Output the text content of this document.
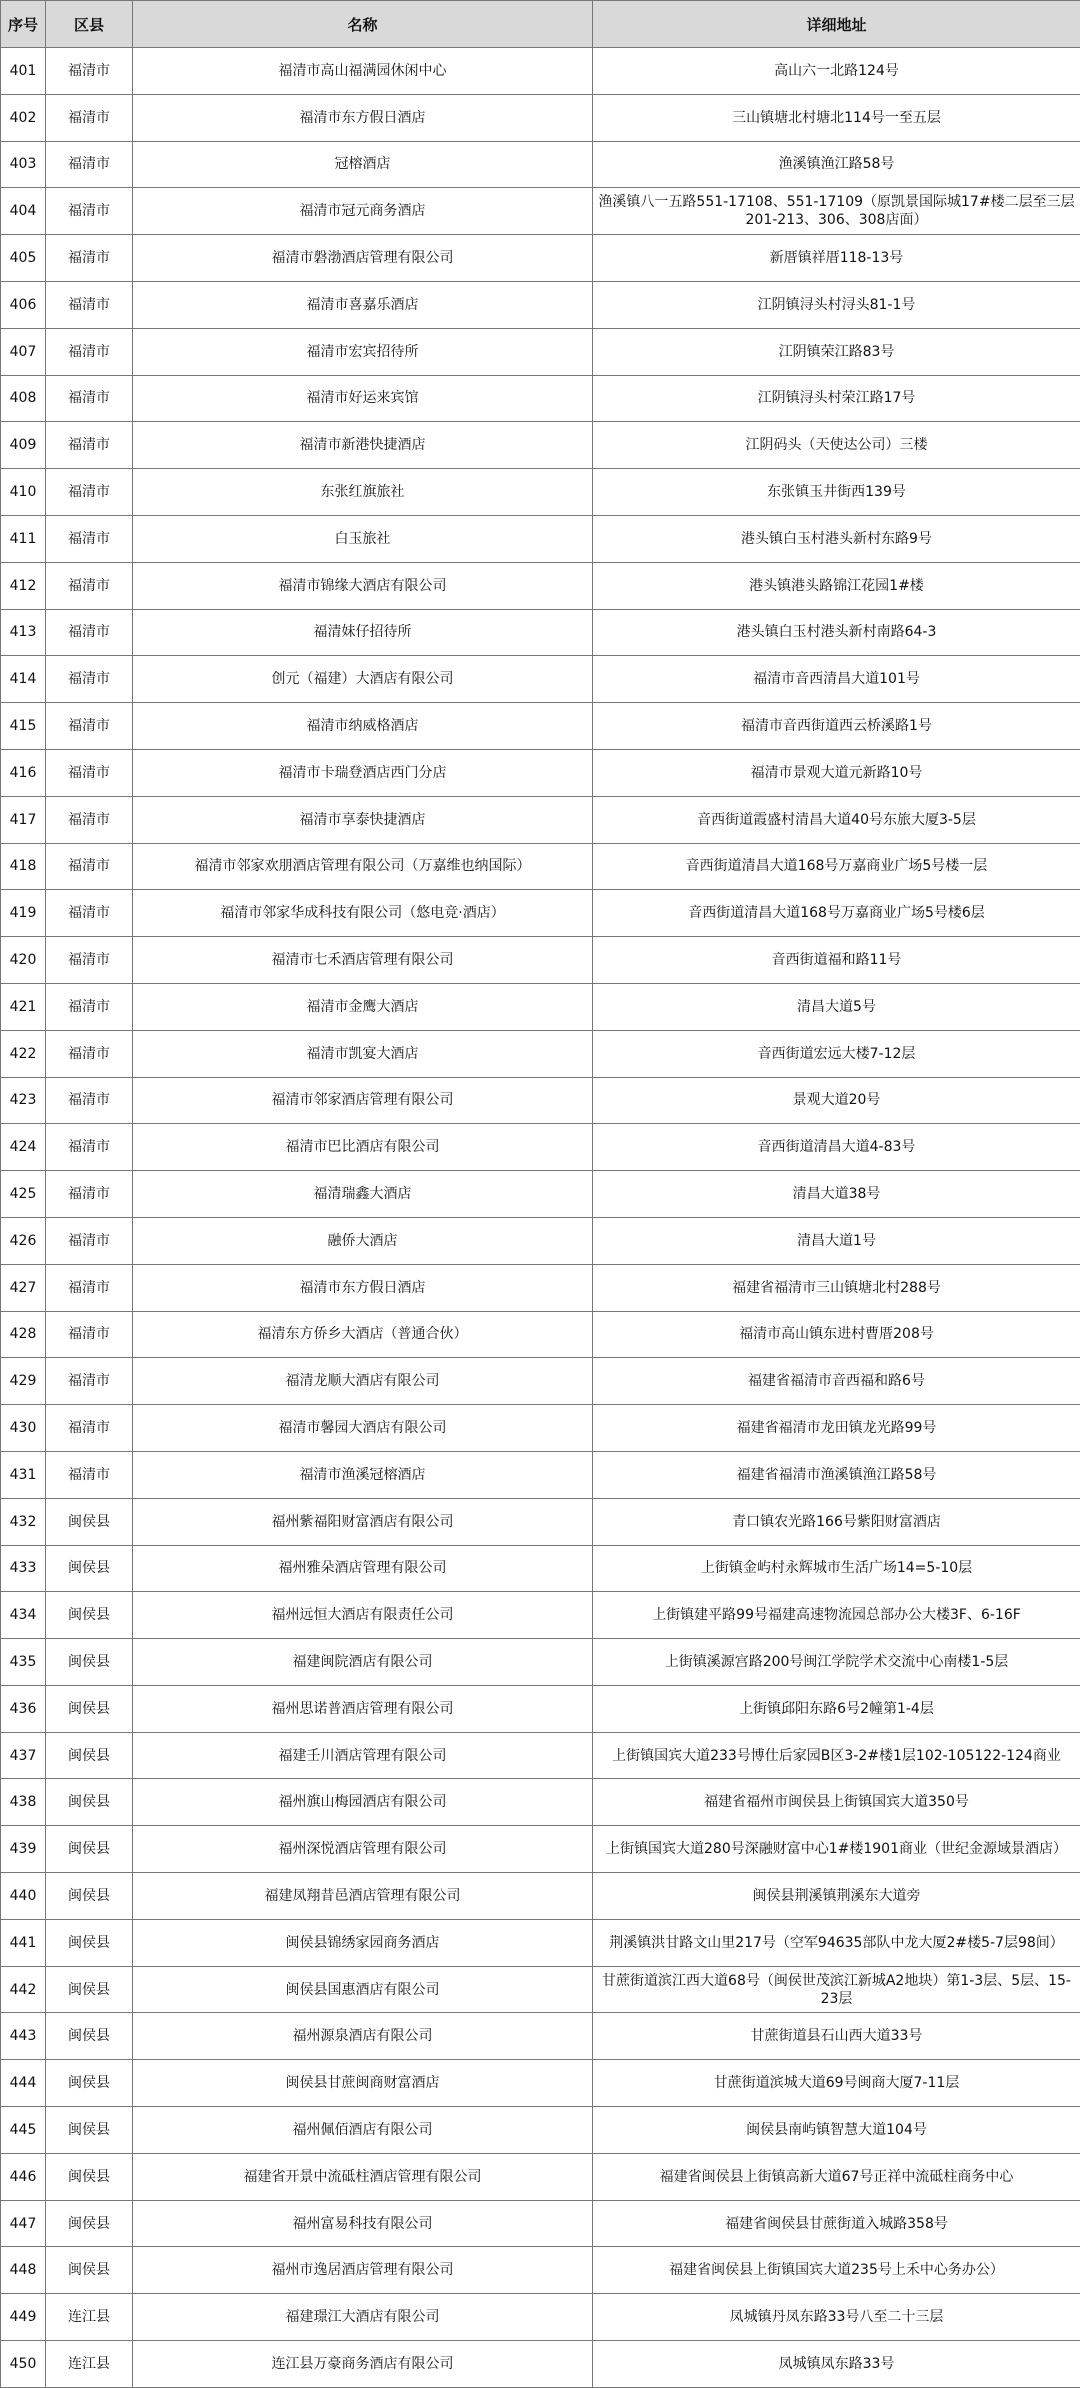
序号	区县	名称	详细地址
401	福清市	福清市高山福满园休闲中心	高山六一北路124号
402	福清市	福清市东方假日酒店	三山镇塘北村塘北114号一至五层
403	福清市	冠榕酒店	渔溪镇渔江路58号
404	福清市	福清市冠元商务酒店	渔溪镇八一五路551-17108、551-17109（原凯景国际城17#楼二层至三层201-213、306、308店面）
405	福清市	福清市磐渤酒店管理有限公司	新厝镇祥厝118-13号
406	福清市	福清市喜嘉乐酒店	江阴镇浔头村浔头81-1号
407	福清市	福清市宏宾招待所	江阴镇荣江路83号
408	福清市	福清市好运来宾馆	江阴镇浔头村荣江路17号
409	福清市	福清市新港快捷酒店	江阴码头（天使达公司）三楼
410	福清市	东张红旗旅社	东张镇玉井街西139号
411	福清市	白玉旅社	港头镇白玉村港头新村东路9号
412	福清市	福清市锦缘大酒店有限公司	港头镇港头路锦江花园1#楼
413	福清市	福清妹仔招待所	港头镇白玉村港头新村南路64-3
414	福清市	创元（福建）大酒店有限公司	福清市音西清昌大道101号
415	福清市	福清市纳威格酒店	福清市音西街道西云桥溪路1号
416	福清市	福清市卡瑞登酒店西门分店	福清市景观大道元新路10号
417	福清市	福清市享泰快捷酒店	音西街道霞盛村清昌大道40号东旅大厦3-5层
418	福清市	福清市邻家欢朋酒店管理有限公司（万嘉维也纳国际）	音西街道清昌大道168号万嘉商业广场5号楼一层
419	福清市	福清市邻家华成科技有限公司（悠电竞·酒店）	音西街道清昌大道168号万嘉商业广场5号楼6层
420	福清市	福清市七禾酒店管理有限公司	音西街道福和路11号
421	福清市	福清市金鹰大酒店	清昌大道5号
422	福清市	福清市凯宴大酒店	音西街道宏远大楼7-12层
423	福清市	福清市邻家酒店管理有限公司	景观大道20号
424	福清市	福清市巴比酒店有限公司	音西街道清昌大道4-83号
425	福清市	福清瑞鑫大酒店	清昌大道38号
426	福清市	融侨大酒店	清昌大道1号
427	福清市	福清市东方假日酒店	福建省福清市三山镇塘北村288号
428	福清市	福清东方侨乡大酒店（普通合伙）	福清市高山镇东进村曹厝208号
429	福清市	福清龙顺大酒店有限公司	福建省福清市音西福和路6号
430	福清市	福清市馨园大酒店有限公司	福建省福清市龙田镇龙光路99号
431	福清市	福清市渔溪冠榕酒店	福建省福清市渔溪镇渔江路58号
432	闽侯县	福州紫福阳财富酒店有限公司	青口镇农光路166号紫阳财富酒店
433	闽侯县	福州雅朵酒店管理有限公司	上街镇金屿村永辉城市生活广场14=5-10层
434	闽侯县	福州远恒大酒店有限责任公司	上街镇建平路99号福建高速物流园总部办公大楼3F、6-16F
435	闽侯县	福建闽院酒店有限公司	上街镇溪源宫路200号闽江学院学术交流中心南楼1-5层
436	闽侯县	福州思诺普酒店管理有限公司	上街镇邱阳东路6号2幢第1-4层
437	闽侯县	福建壬川酒店管理有限公司	上街镇国宾大道233号博仕后家园B区3-2#楼1层102-105122-124商业
438	闽侯县	福州旗山梅园酒店有限公司	福建省福州市闽侯县上街镇国宾大道350号
439	闽侯县	福州深悦酒店管理有限公司	上街镇国宾大道280号深融财富中心1#楼1901商业（世纪金源域景酒店）
440	闽侯县	福建凤翔昔邑酒店管理有限公司	闽侯县荆溪镇荆溪东大道旁
441	闽侯县	闽侯县锦绣家园商务酒店	荆溪镇洪甘路文山里217号（空军94635部队中龙大厦2#楼5-7层98间）
442	闽侯县	闽侯县国惠酒店有限公司	甘蔗街道滨江西大道68号（闽侯世茂滨江新城A2地块）第1-3层、5层、15-23层
443	闽侯县	福州源泉酒店有限公司	甘蔗街道县石山西大道33号
444	闽侯县	闽侯县甘蔗闽商财富酒店	甘蔗街道滨城大道69号闽商大厦7-11层
445	闽侯县	福州佩佰酒店有限公司	闽侯县南屿镇智慧大道104号
446	闽侯县	福建省开景中流砥柱酒店管理有限公司	福建省闽侯县上街镇高新大道67号正祥中流砥柱商务中心
447	闽侯县	福州富易科技有限公司	福建省闽侯县甘蔗街道入城路358号
448	闽侯县	福州市逸居酒店管理有限公司	福建省闽侯县上街镇国宾大道235号上禾中心务办公）
449	连江县	福建璟江大酒店有限公司	凤城镇丹凤东路33号八至二十三层
450	连江县	连江县万豪商务酒店有限公司	凤城镇凤东路33号
